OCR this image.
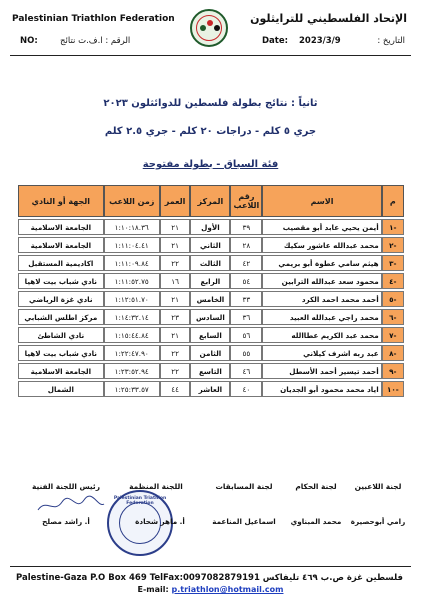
Palestinian Triathlon Federation	الإتحاد الفلسطيني للترايثلون
التاريخ :
Date: 2023/3/9
NO:	الرقم : ا.ف.ت نتائج
ثانياً : نتائج بطولة فلسطين للدوائثلون ٢٠٢٣
جري ٥ كلم - دراجات ٢٠ كلم - جري ٢.٥ كلم
فئة السباق - بطولة مفتوحة
م	الاسم	رقم اللاعب	المركز	العمر	زمن اللاعب	الجهة أو النادي
-١	أيمن يحيي عابد أبو مقصيب	٣٩	الأول	٢١	١:١٠:١٨.٣٦	الجامعة الاسلامية
-٢	محمد عبدالله عاشور سكيك	٢٨	الثاني	٢١	١:١١:٠٤.٤١	الجامعة الاسلامية
-٣	هيثم سامي عطوة أبو بريمي	٤٢	الثالث	٢٢	١:١١:٠٩.٨٤	اكاديمية المستقبل
-٤	محمود سعد عبدالله الترابين	٥٤	الرابع	١٦	١:١١:٥٢.٧٥	نادي شباب بيت لاهيا
-٥	أحمد محمد احمد الكرد	٣٣	الخامس	٢١	١:١٢:٥١.٧٠	نادي غزة الرياضي
-٦	محمد راجي عبدالله العبيد	٣٦	السادس	٢٣	١:١٤:٣٢.١٤	مركز اطلس الشبابي
-٧	محمد عبد الكريم عطاالله	٥٦	السابع	٢١	١:١٥:٤٤.٨٤	نادي الشاطئ
-٨	عبد ربه اشرف كيلاني	٥٥	الثامن	٢٢	١:٢٢:٤٧.٩٠	نادي شباب بيت لاهيا
-٩	أحمد تيسير أحمد الأسطل	٤٦	التاسع	٢٢	١:٢٣:٥٢.٩٤	الجامعة الاسلامية
-١٠	اياد محمد محمود أبو الجديان	٤٠	العاشر	٤٤	١:٢٥:٣٣.٥٧	الشمال
لجنة اللاعبين
لجنة الحكام
لجنة المسابقات
اللجنة المنظمة
رئيس اللجنة الفنية
Palestinian Triathlon Federation
رامي أبوحصيرة
محمد المبناوي
اسماعيل المناعمة
أ. ماهر شحادة
أ. راشد مصلح
Palestine-Gaza P.O Box 469 TelFax:0097082879191 فلسطين غزة ص.ب ٤٦٩ تليفاكس
E-mail: p.triathlon@hotmail.com
